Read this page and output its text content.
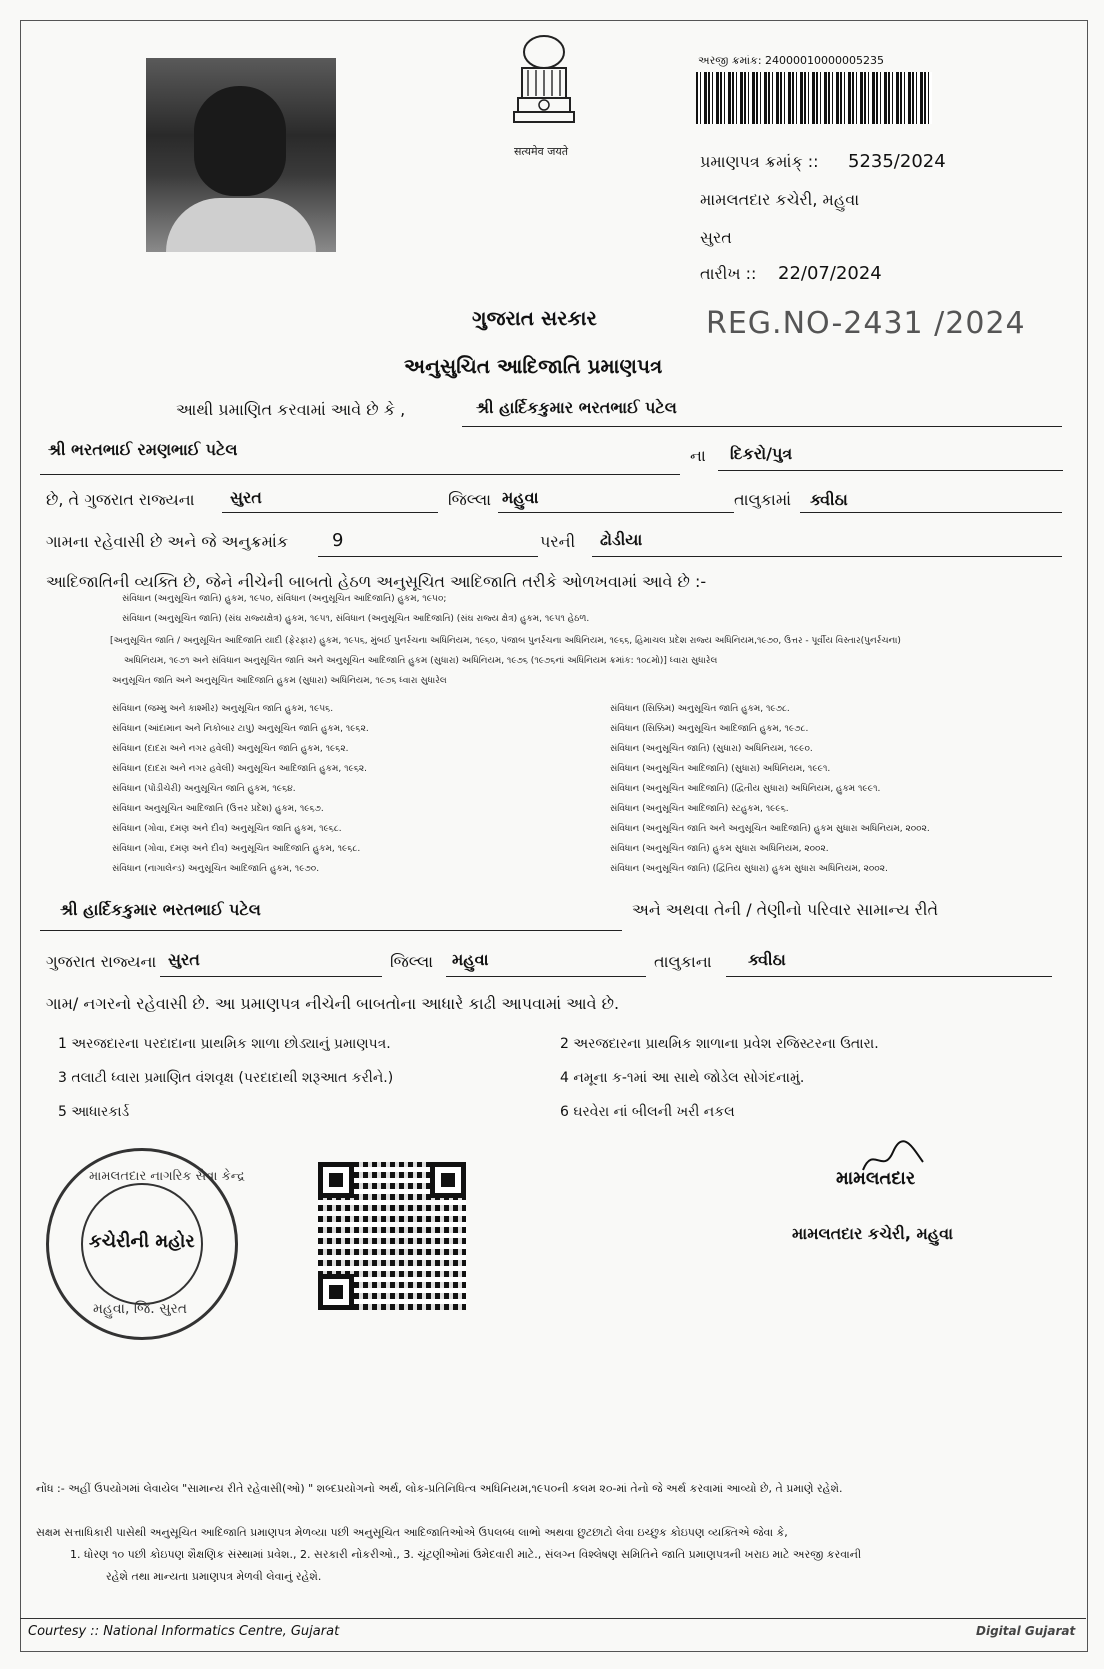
सत्यमेव जयते
અરજી ક્રમાંક: 24000010000005235
પ્રમાણપત્ર ક્રમાંક્ :: 5235/2024
મામલતદાર કચેરી, મહુવા
સુરત
તારીખ :: 22/07/2024
ગુજરાત સરકાર	REG.NO-2431 /2024
અનુસુચિત આદિજાતિ પ્રમાણપત્ર
આથી પ્રમાણિત કરવામાં આવે છે કે ,	શ્રી હાર્દિકકુમાર ભરતભાઈ પટેલ
શ્રી ભરતભાઈ રમણભાઈ પટેલ	ના દિકરો/પુત્ર
છે, તે ગુજરાત રાજ્યના સુરત	જિલ્લા મહુવા	તાલુકામાં ક્વીઠા
ગામના રહેવાસી છે અને જે અનુક્રમાંક 9	પરની ઢોડીયા
આદિજાતિની વ્યક્તિ છે, જેને નીચેની બાબતો હેઠળ અનુસૂચિત આદિજાતિ તરીકે ઓળખવામાં આવે છે :-
સંવિધાન (અનુસૂચિત જાતિ) હુકમ, ૧૯૫૦, સંવિધાન (અનુસૂચિત આદિજાતિ) હુકમ, ૧૯૫૦;
સંવિધાન (અનુસૂચિત જાતિ) (સંઘ રાજ્યક્ષેત્ર) હુકમ, ૧૯૫૧, સંવિધાન (અનુસૂચિત આદિજાતિ) (સંઘ રાજ્ય ક્ષેત્ર) હુકમ, ૧૯૫૧ હેઠળ.
[અનુસૂચિત જાતિ / અનુસૂચિત આદિજાતિ યાદી (ફેરફાર) હુકમ, ૧૯૫૬, મુંબઈ પુનર્રચના અધિનિયમ, ૧૯૬૦, પંજાબ પુનર્રચના અધિનિયમ, ૧૯૬૬, હિમાચલ પ્રદેશ રાજ્ય અધિનિયમ,૧૯૭૦, ઉત્તર - પૂર્વીય વિસ્તાર(પુનર્રચના)
અધિનિયમ, ૧૯૭૧ અને સંવિધાન અનુસૂચિત જાતિ અને અનુસૂચિત આદિજાતિ હુકમ (સુધારા) અધિનિયમ, ૧૯૭૬ (૧૯૭૬નાં અધિનિયમ ક્રમાંક: ૧૦૮મો)] ધ્વારા સુધારેલ
અનુસૂચિત જાતિ અને અનુસૂચિત આદિજાતિ હુકમ (સુધારા) અધિનિયમ, ૧૯૭૬ ધ્વારા સુધારેલ
સંવિધાન (જમ્મુ અને કાશ્મીર) અનુસૂચિત જાતિ હુકમ, ૧૯૫૬.
સંવિધાન (આંદામાન અને નિકોબાર ટાપુ) અનુસૂચિત જાતિ હુકમ, ૧૯૬૨.
સંવિધાન (દાદરા અને નગર હવેલી) અનુસૂચિત જાતિ હુકમ, ૧૯૬૨.
સંવિધાન (દાદરા અને નગર હવેલી) અનુસૂચિત આદિજાતિ હુકમ, ૧૯૬૨.
સંવિધાન (પોંડીચેરી) અનુસૂચિત જાતિ હુકમ, ૧૯૬૪.
સંવિધાન અનુસૂચિત આદિજાતિ (ઉત્તર પ્રદેશ) હુકમ, ૧૯૬૭.
સંવિધાન (ગોવા, દમણ અને દીવ) અનુસૂચિત જાતિ હુકમ, ૧૯૬૮.
સંવિધાન (ગોવા, દમણ અને દીવ) અનુસૂચિત આદિજાતિ હુકમ, ૧૯૬૮.
સંવિધાન (નાગાલેન્ડ) અનુસૂચિત આદિજાતિ હુકમ, ૧૯૭૦.
સંવિધાન (સિક્કિમ) અનુસૂચિત જાતિ હુકમ, ૧૯૭૮.
સંવિધાન (સિક્કિમ) અનુસૂચિત આદિજાતિ હુકમ, ૧૯૭૮.
સંવિધાન (અનુસૂચિત જાતિ) (સુધારા) અધિનિયમ, ૧૯૯૦.
સંવિધાન (અનુસૂચિત આદિજાતિ) (સુધારા) અધિનિયમ, ૧૯૯૧.
સંવિધાન (અનુસૂચિત આદિજાતિ) (દ્વિતીય સુધારા) અધિનિયમ, હુકમ ૧૯૯૧.
સંવિધાન (અનુસૂચિત આદિજાતિ) સ્ટહુકમ, ૧૯૯૬.
સંવિધાન (અનુસૂચિત જાતિ અને અનુસૂચિત આદિજાતિ) હુકમ સુધારા અધિનિયમ, ૨૦૦૨.
સંવિધાન (અનુસૂચિત જાતિ) હુકમ સુધારા અધિનિયમ, ૨૦૦૨.
સંવિધાન (અનુસૂચિત જાતિ) (દ્વિતિય સુધારા) હુકમ સુધારા અધિનિયમ, ૨૦૦૨.
શ્રી હાર્દિકકુમાર ભરતભાઈ પટેલ	અને અથવા તેની / તેણીનો પરિવાર સામાન્ય રીતે
ગુજરાત રાજ્યના સુરત	જિલ્લા મહુવા	તાલુકાના ક્વીઠા
ગામ/ નગરનો રહેવાસી છે. આ પ્રમાણપત્ર નીચેની બાબતોના આધારે કાઢી આપવામાં આવે છે.
1 અરજદારના પરદાદાના પ્રાથમિક શાળા છોડ્યાનું પ્રમાણપત્ર.	2 અરજદારના પ્રાથમિક શાળાના પ્રવેશ રજિસ્ટરના ઉતારા.
3 તલાટી ધ્વારા પ્રમાણિત વંશવૃક્ષ (પરદાદાથી શરૂઆત કરીને.)	4 નમૂના ક-૧માં આ સાથે જોડેલ સોગંદનામું.
5 આધારકાર્ડ	6 ઘરવેરા નાં બીલની ખરી નકલ
મામલતદાર નાગરિક સેવા કેન્દ્ર
કચેરીની મહોર
મહુવા, જિ. સુરત
મામલતદાર
મામલતદાર કચેરી, મહુવા
નોંધ :- અહીં ઉપયોગમાં લેવાયેલ "સામાન્ય રીતે રહેવાસી(ઓ) " શબ્દપ્રયોગનો અર્થ, લોક-પ્રતિનિધિત્વ અધિનિયમ,૧૯૫૦ની કલમ ૨૦-માં તેનો જે અર્થ કરવામાં આવ્યો છે, તે પ્રમાણે રહેશે.
સક્ષમ સત્તાધિકારી પાસેથી અનુસૂચિત આદિજાતિ પ્રમાણપત્ર મેળવ્યા પછી અનુસૂચિત આદિજાતિઓએ ઉપલબ્ધ લાભો અથવા છુટછાટો લેવા ઇચ્છુક કોઇપણ વ્યક્તિએ જેવા કે,
1. ધોરણ ૧૦ પછી કોઇપણ શૈક્ષણિક સંસ્થામાં પ્રવેશ., 2. સરકારી નોકરીઓ., 3. ચૂંટણીઓમાં ઉમેદવારી માટે., સંલગ્ન વિશ્લેષણ સમિતિને જાતિ પ્રમાણપત્રની ખરાઇ માટે અરજી કરવાની
રહેશે તથા માન્યતા પ્રમાણપત્ર મેળવી લેવાનું રહેશે.
Courtesy :: National Informatics Centre, Gujarat	Digital Gujarat
